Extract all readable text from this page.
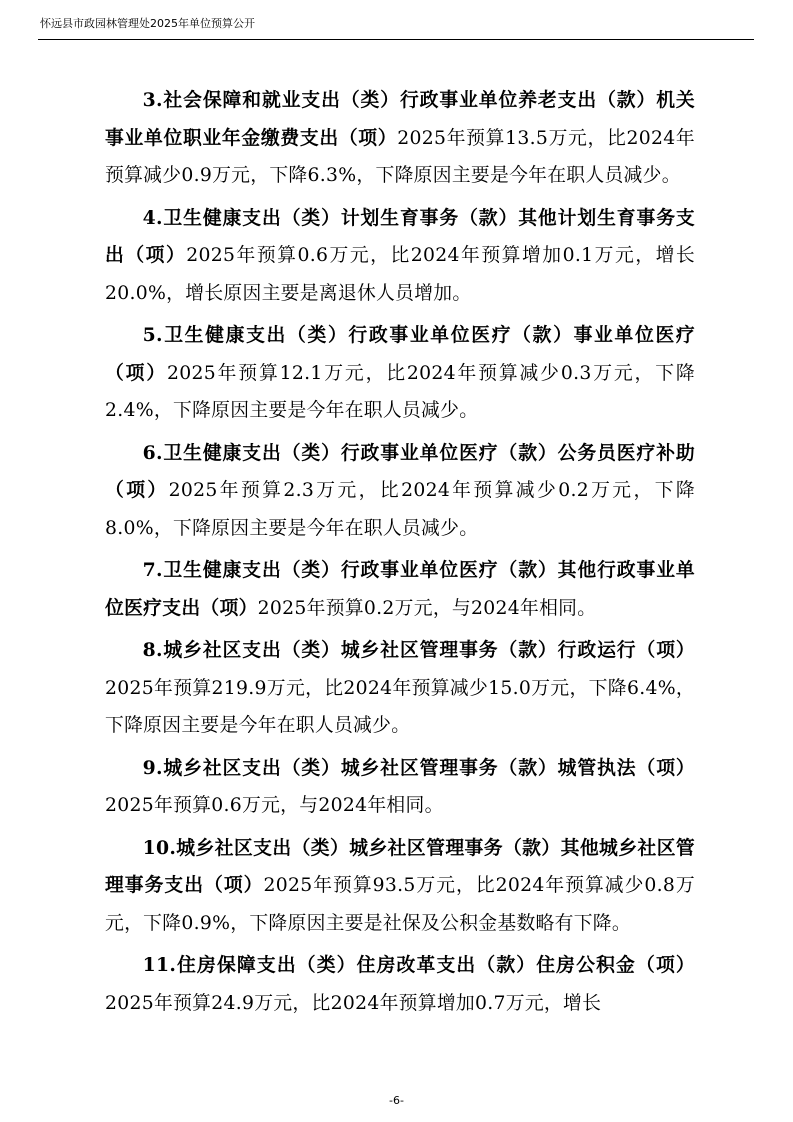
怀远县市政园林管理处2025年单位预算公开

3.社会保障和就业支出（类）行政事业单位养老支出（款）机关事业单位职业年金缴费支出（项）2025年预算13.5万元，比2024年预算减少0.9万元，下降6.3%，下降原因主要是今年在职人员减少。

4.卫生健康支出（类）计划生育事务（款）其他计划生育事务支出（项）2025年预算0.6万元，比2024年预算增加0.1万元，增长20.0%，增长原因主要是离退休人员增加。

5.卫生健康支出（类）行政事业单位医疗（款）事业单位医疗（项）2025年预算12.1万元，比2024年预算减少0.3万元，下降2.4%，下降原因主要是今年在职人员减少。

6.卫生健康支出（类）行政事业单位医疗（款）公务员医疗补助（项）2025年预算2.3万元，比2024年预算减少0.2万元，下降8.0%，下降原因主要是今年在职人员减少。

7.卫生健康支出（类）行政事业单位医疗（款）其他行政事业单位医疗支出（项）2025年预算0.2万元，与2024年相同。

8.城乡社区支出（类）城乡社区管理事务（款）行政运行（项）2025年预算219.9万元，比2024年预算减少15.0万元，下降6.4%，下降原因主要是今年在职人员减少。

9.城乡社区支出（类）城乡社区管理事务（款）城管执法（项）2025年预算0.6万元，与2024年相同。

10.城乡社区支出（类）城乡社区管理事务（款）其他城乡社区管理事务支出（项）2025年预算93.5万元，比2024年预算减少0.8万元，下降0.9%，下降原因主要是社保及公积金基数略有下降。

11.住房保障支出（类）住房改革支出（款）住房公积金（项）2025年预算24.9万元，比2024年预算增加0.7万元，增长

-6-
